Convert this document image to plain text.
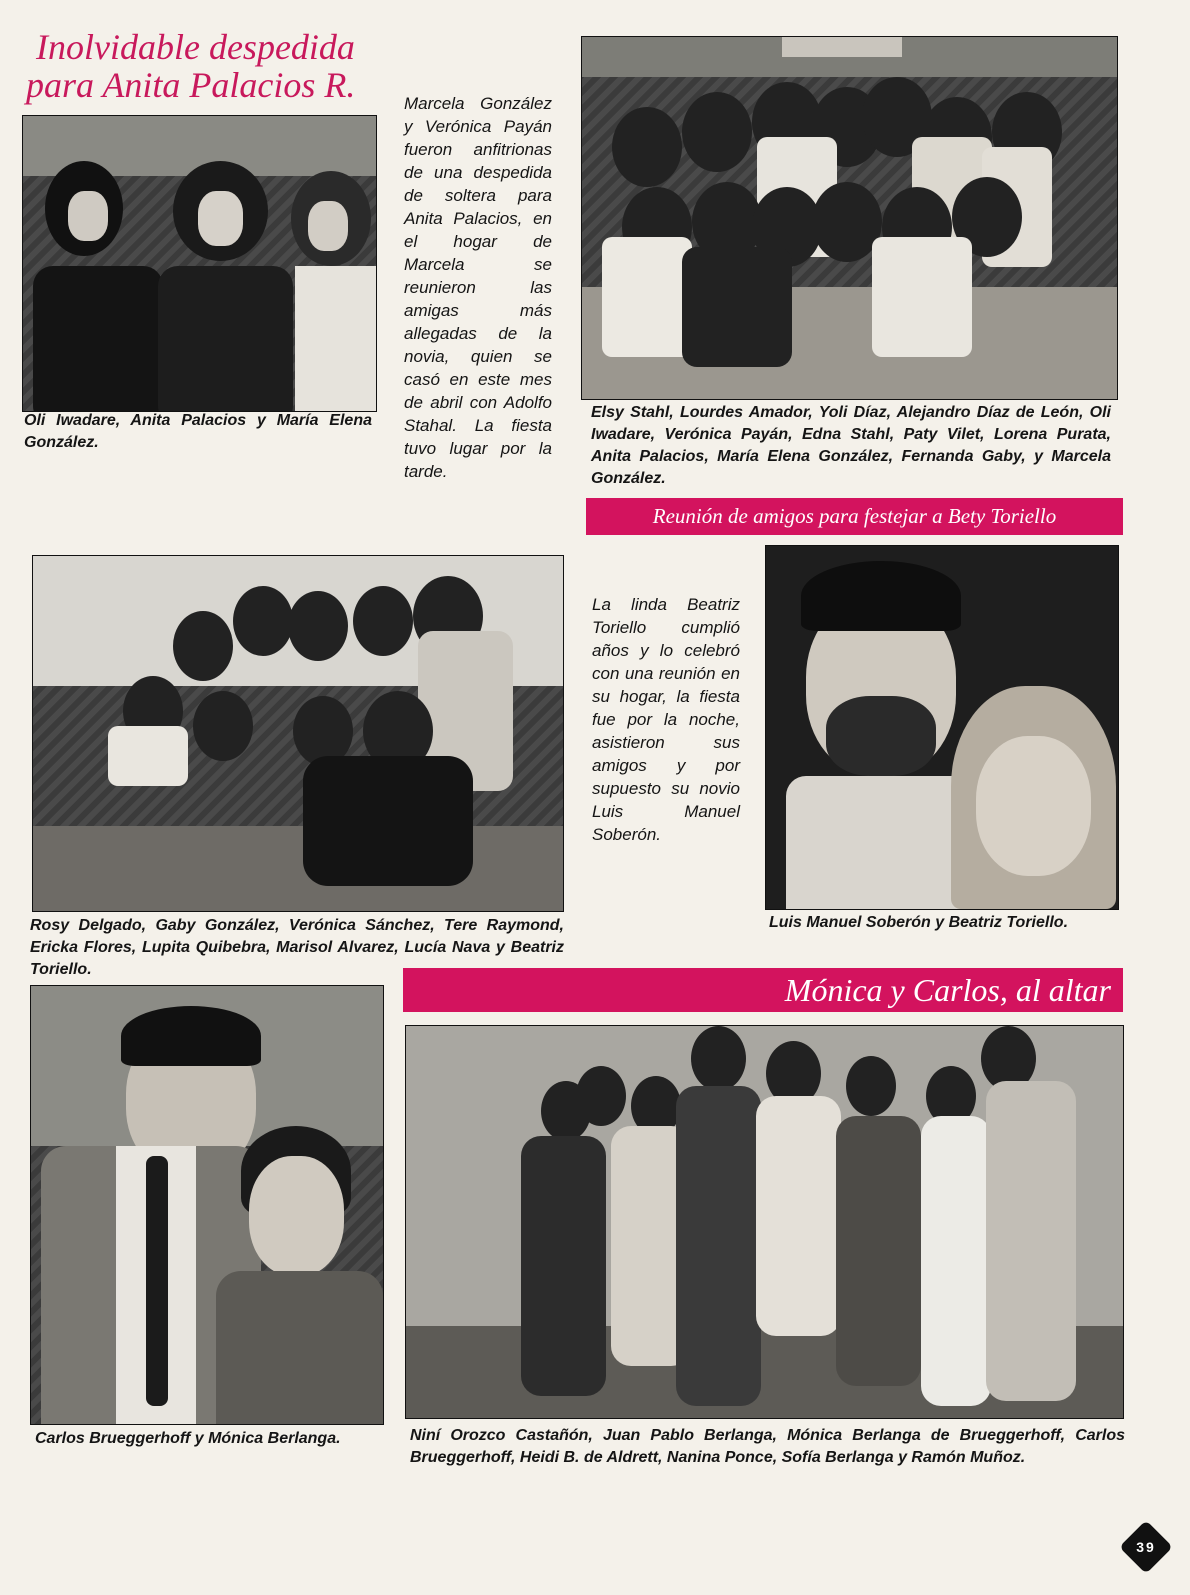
Inolvidable despedida
para Anita Palacios R.
Oli Iwadare, Anita Palacios y María Elena González.
Marcela González y Verónica Payán fueron anfitrionas de una despedida de soltera para Anita Palacios, en el hogar de Marcela se reunieron las amigas más allegadas de la novia, quien se casó en este mes de abril con Adolfo Stahal. La fiesta tuvo lugar por la tarde.
Elsy Stahl, Lourdes Amador, Yoli Díaz, Alejandro Díaz de León, Oli Iwadare, Verónica Payán, Edna Stahl, Paty Vilet, Lorena Purata, Anita Palacios, María Elena González, Fernanda Gaby, y Marcela González.
Reunión de amigos para festejar a Bety Toriello
Rosy Delgado, Gaby González, Verónica Sánchez, Tere Raymond, Ericka Flores, Lupita Quibebra, Marisol Alvarez, Lucía Nava y Beatriz Toriello.
La linda Beatriz Toriello cumplió años y lo celebró con una reunión en su hogar, la fiesta fue por la noche, asistieron sus amigos y por supuesto su novio Luis Manuel Soberón.
Luis Manuel Soberón y Beatriz Toriello.
Mónica y Carlos, al altar
Carlos Brueggerhoff y Mónica Berlanga.	Niní Orozco Castañón, Juan Pablo Berlanga, Mónica Berlanga de Brueggerhoff, Carlos Brueggerhoff, Heidi B. de Aldrett, Nanina Ponce, Sofía Berlanga y Ramón Muñoz.
39
